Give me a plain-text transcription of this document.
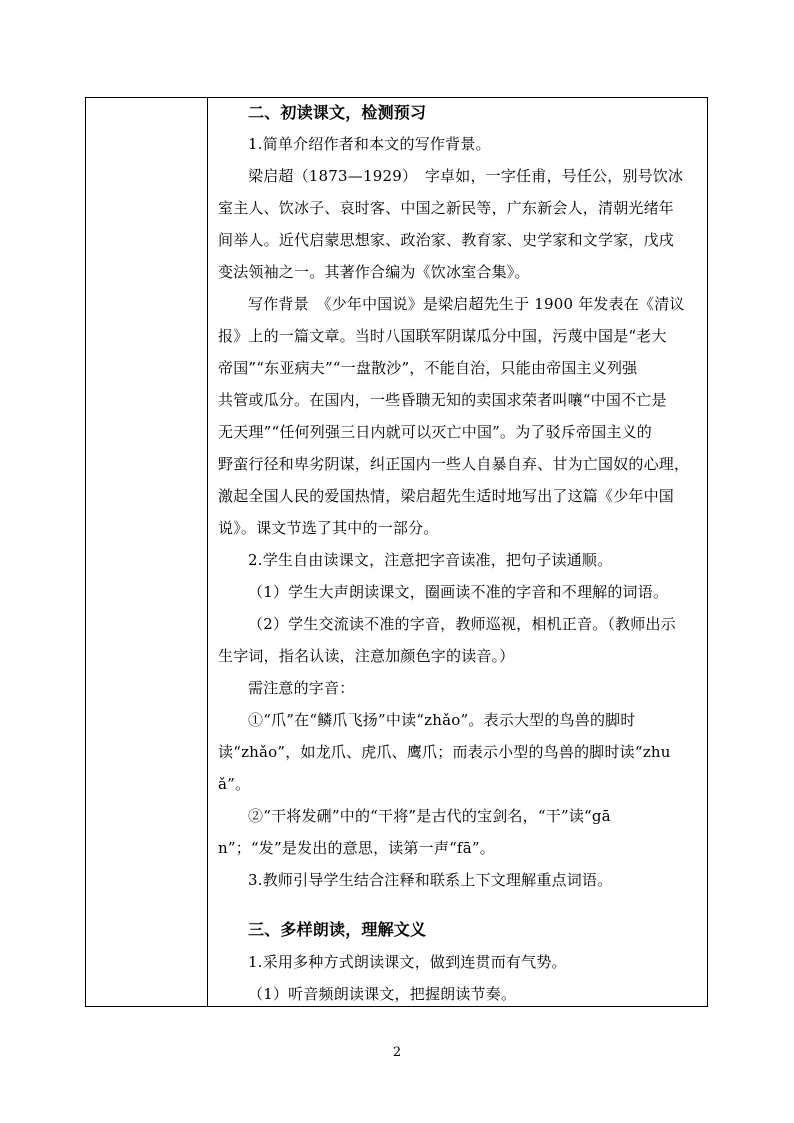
二、初读课文，检测预习
1.简单介绍作者和本文的写作背景。
梁启超（1873—1929）　字卓如，一字任甫，号任公，别号饮冰
室主人、饮冰子、哀时客、中国之新民等，广东新会人，清朝光绪年
间举人。近代启蒙思想家、政治家、教育家、史学家和文学家，戊戌
变法领袖之一。其著作合编为《饮冰室合集》。
写作背景　《少年中国说》是梁启超先生于 1900 年发表在《清议
报》上的一篇文章。当时八国联军阴谋瓜分中国，污蔑中国是“老大
帝国”“东亚病夫”“一盘散沙”，不能自治，只能由帝国主义列强
共管或瓜分。在国内，一些昏聩无知的卖国求荣者叫嚷“中国不亡是
无天理”“任何列强三日内就可以灭亡中国”。为了驳斥帝国主义的
野蛮行径和卑劣阴谋，纠正国内一些人自暴自弃、甘为亡国奴的心理，
激起全国人民的爱国热情，梁启超先生适时地写出了这篇《少年中国
说》。课文节选了其中的一部分。
2.学生自由读课文，注意把字音读准，把句子读通顺。
（1）学生大声朗读课文，圈画读不准的字音和不理解的词语。
（2）学生交流读不准的字音，教师巡视，相机正音。（教师出示
生字词，指名认读，注意加颜色字的读音。）
需注意的字音：
①“爪”在“鳞爪飞扬”中读“zhǎo”。表示大型的鸟兽的脚时
读“zhǎo”，如龙爪、虎爪、鹰爪；而表示小型的鸟兽的脚时读“zhu
ǎ”。
②“干将发硎”中的“干将”是古代的宝剑名，“干”读“gā
n”；“发”是发出的意思，读第一声“fā”。
3.教师引导学生结合注释和联系上下文理解重点词语。
三、多样朗读，理解文义
1.采用多种方式朗读课文，做到连贯而有气势。
（1）听音频朗读课文，把握朗读节奏。
2
